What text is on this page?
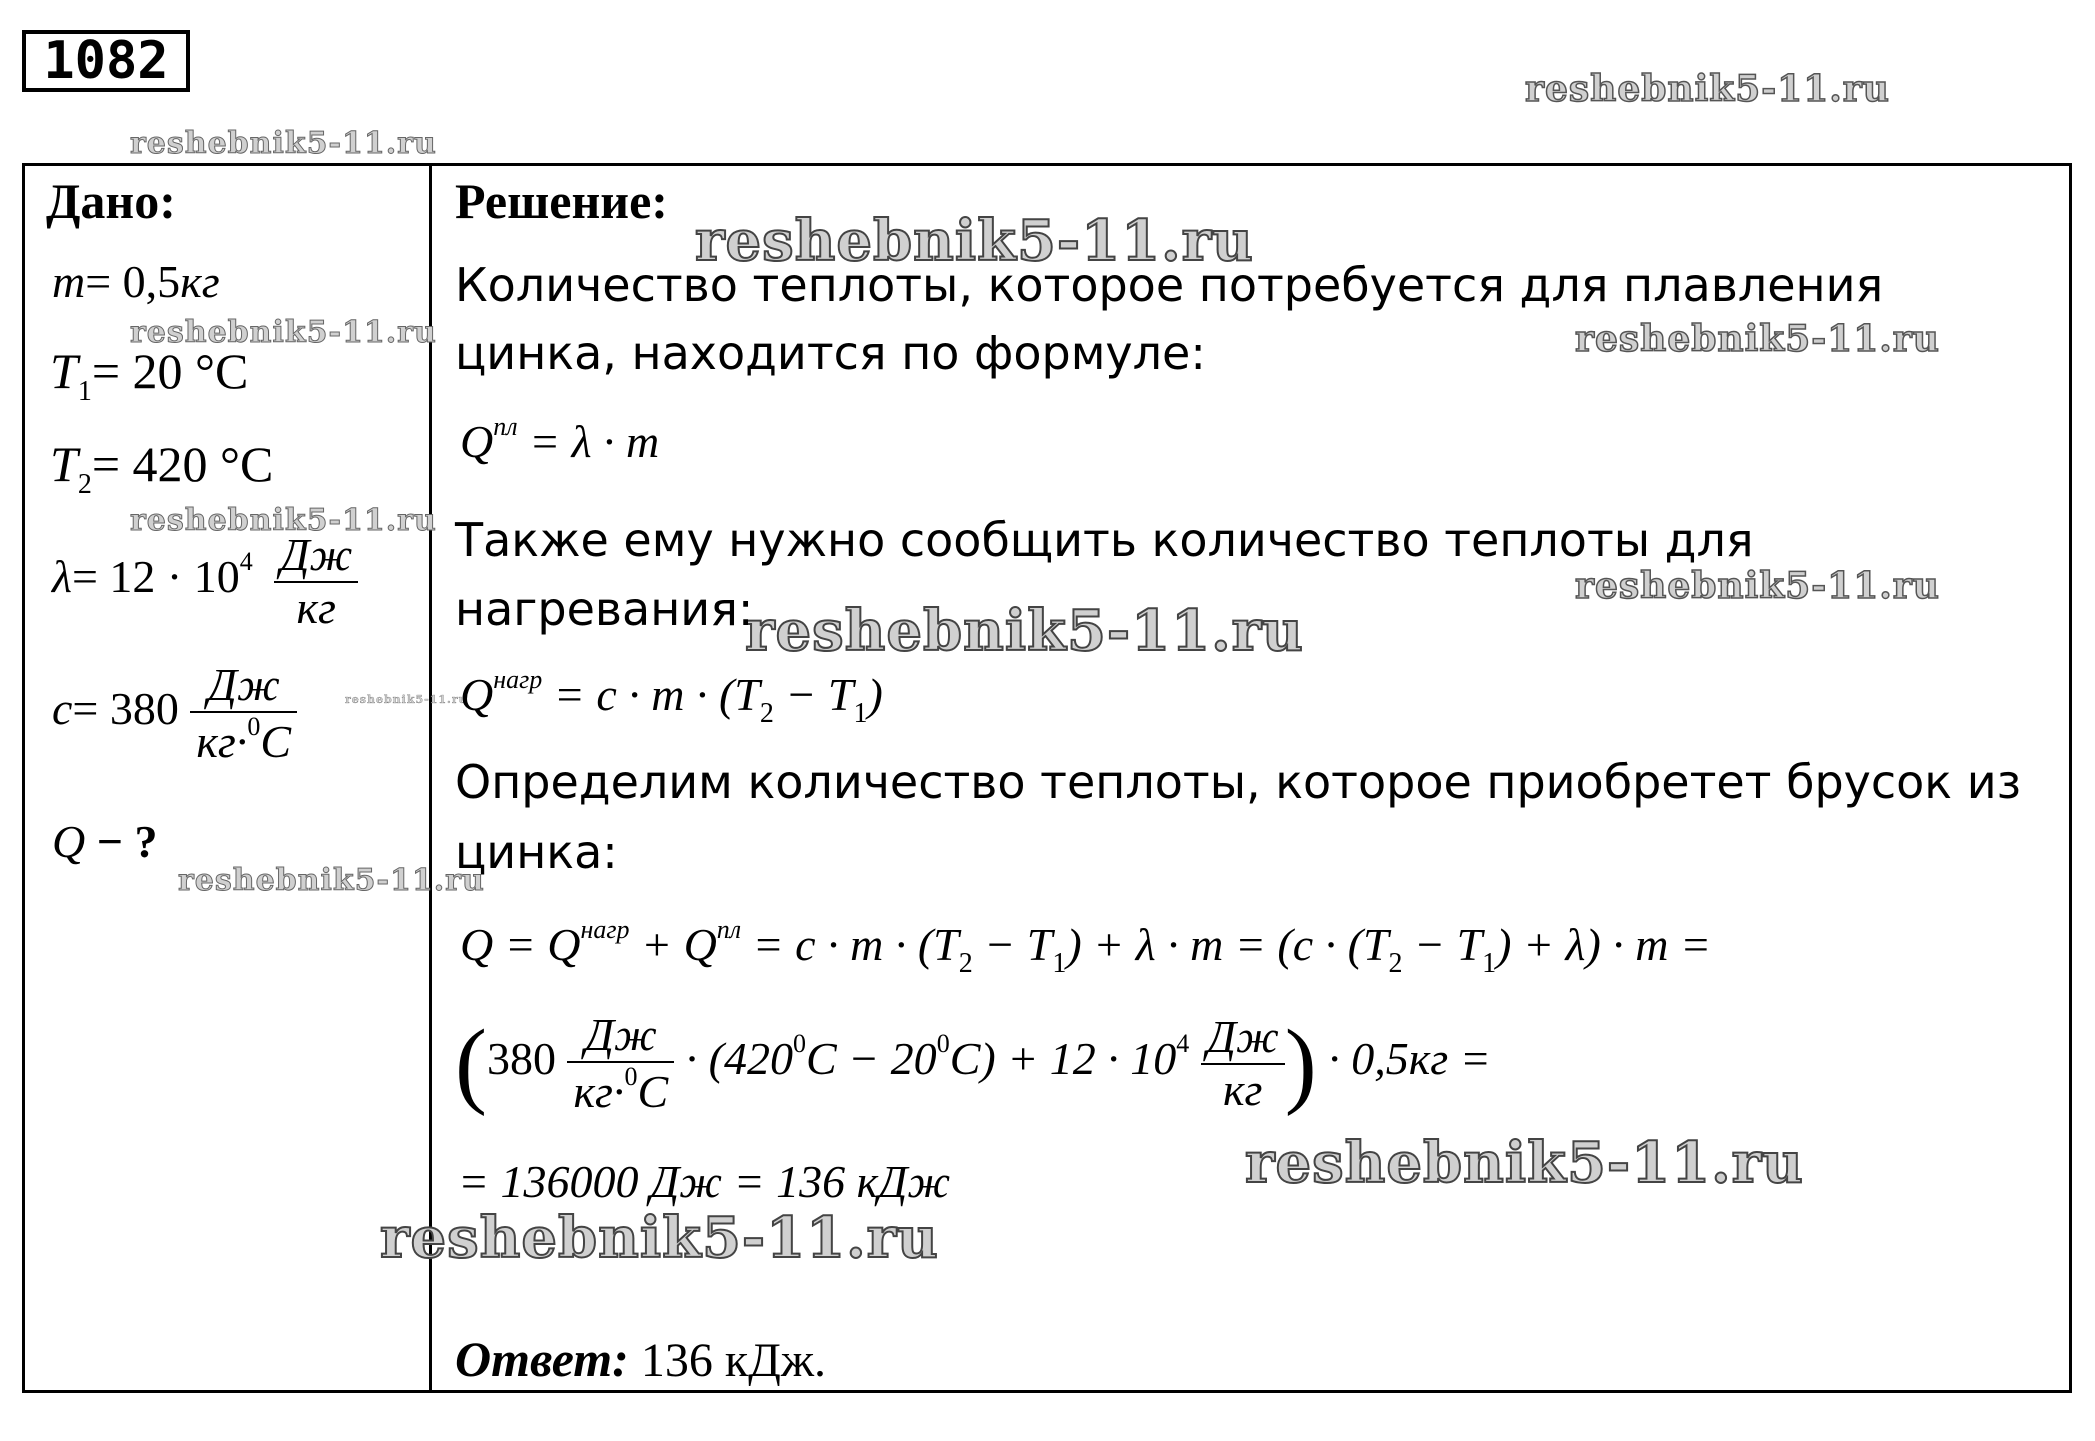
1082	reshebnik5-11.ru
reshebnik5-11.ru
reshebnik5-11.ru
reshebnik5-11.ru	reshebnik5-11.ru
reshebnik5-11.ru
reshebnik5-11.ru
reshebnik5-11.ru
reshebnik5-11.ru
reshebnik5-11.ru
reshebnik5-11.ru
reshebnik5-11.ru
Дано:
m= 0,5кг
$T_1= 20$ °С
$T_2= 420$ °С
$\lambda= 12 \cdot 10^4 \frac{Дж}{кг}$
$c= 380 \frac{Дж}{кг\cdot^0С}$
Q − ?
Решение:
Количество теплоты, которое потребуется для плавления
цинка, находится по формуле:
$Q^{пл} = \lambda \cdot m$
Также ему нужно сообщить количество теплоты для
нагревания:
$Q^{нагр} = c \cdot m \cdot (T_2 - T_1)$
Определим количество теплоты, которое приобретет брусок из
цинка:
$Q = Q^{нагр} + Q^{пл} = c \cdot m \cdot (T_2 - T_1) + \lambda \cdot m = (c \cdot (T_2 - T_1) + \lambda) \cdot m$ =
($380 \frac{Дж}{кг\cdot^0C} \cdot (420^0C - 20^0C) + 12 \cdot 10^4 \frac{Дж}{кг}$ ) · 0,5кг =
= 136000 Дж = 136 кДж
Ответ: 136 кДж.
